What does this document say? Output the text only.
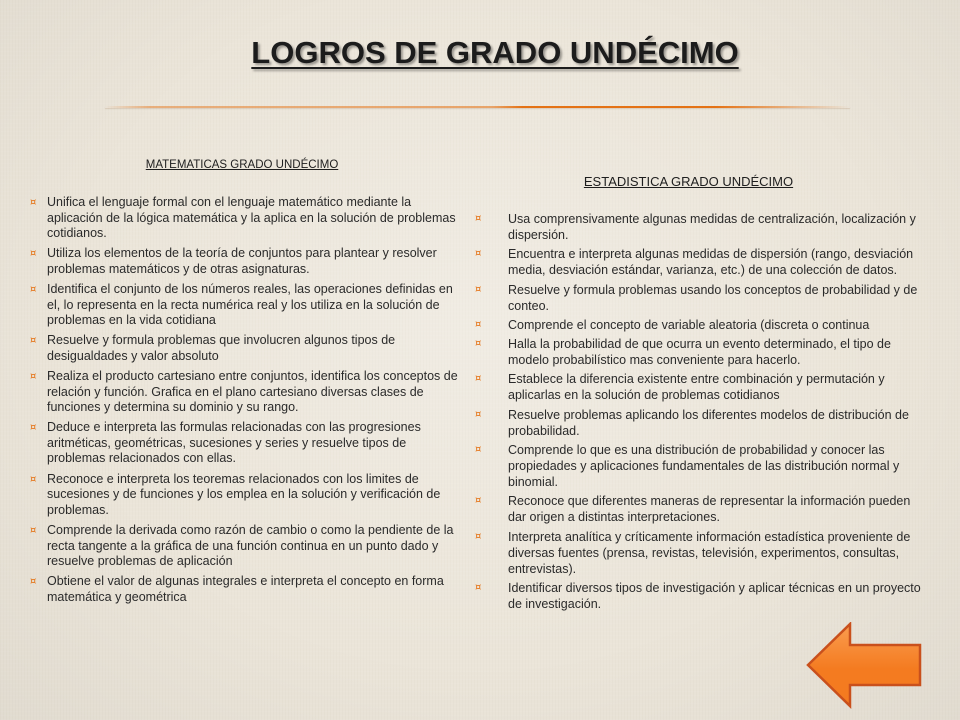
LOGROS DE GRADO UNDÉCIMO
MATEMATICAS GRADO UNDÉCIMO
¤ Unifica el lenguaje formal con el lenguaje matemático mediante la aplicación de la lógica matemática y la aplica en la solución de problemas cotidianos.
¤ Utiliza los elementos de la teoría de conjuntos para plantear y resolver problemas matemáticos y de otras asignaturas.
¤ Identifica el conjunto de los números reales, las operaciones definidas en el, lo representa en la recta numérica real y los utiliza en la solución de problemas en la vida cotidiana
¤ Resuelve y formula problemas que involucren algunos tipos de desigualdades y valor absoluto
¤ Realiza el producto cartesiano entre conjuntos, identifica los conceptos de relación y función. Grafica en el plano cartesiano diversas clases de funciones y determina su dominio y su rango.
¤ Deduce e interpreta las formulas relacionadas con las progresiones aritméticas, geométricas, sucesiones y series y resuelve tipos de problemas relacionados con ellas.
¤ Reconoce e interpreta los teoremas relacionados con los limites de sucesiones y de funciones y los emplea en la solución y verificación de problemas.
¤ Comprende la derivada como razón de cambio o como la pendiente de la recta tangente a la gráfica de una función continua en un punto dado y resuelve problemas de aplicación
¤ Obtiene el valor de algunas integrales e interpreta el concepto en forma matemática y geométrica
ESTADISTICA GRADO UNDÉCIMO
¤ Usa comprensivamente algunas medidas de centralización, localización y dispersión.
¤ Encuentra e interpreta algunas medidas de dispersión (rango, desviación media, desviación estándar, varianza, etc.) de una colección de datos.
¤ Resuelve y formula problemas usando los conceptos de probabilidad y de conteo.
¤ Comprende el concepto de variable aleatoria (discreta o continua
¤ Halla la probabilidad de que ocurra un evento determinado, el tipo de modelo probabilístico mas conveniente para hacerlo.
¤ Establece la diferencia existente entre combinación y permutación y aplicarlas en la solución de problemas cotidianos
¤ Resuelve problemas aplicando los diferentes modelos de distribución de probabilidad.
¤ Comprende lo que es una distribución de probabilidad y conocer las propiedades y aplicaciones fundamentales de las distribución normal y binomial.
¤ Reconoce que diferentes maneras de representar la información pueden dar origen a distintas interpretaciones.
¤ Interpreta analítica y críticamente información estadística proveniente de diversas fuentes (prensa, revistas, televisión, experimentos, consultas, entrevistas).
¤ Identificar diversos tipos de investigación y aplicar técnicas en un proyecto de investigación.
